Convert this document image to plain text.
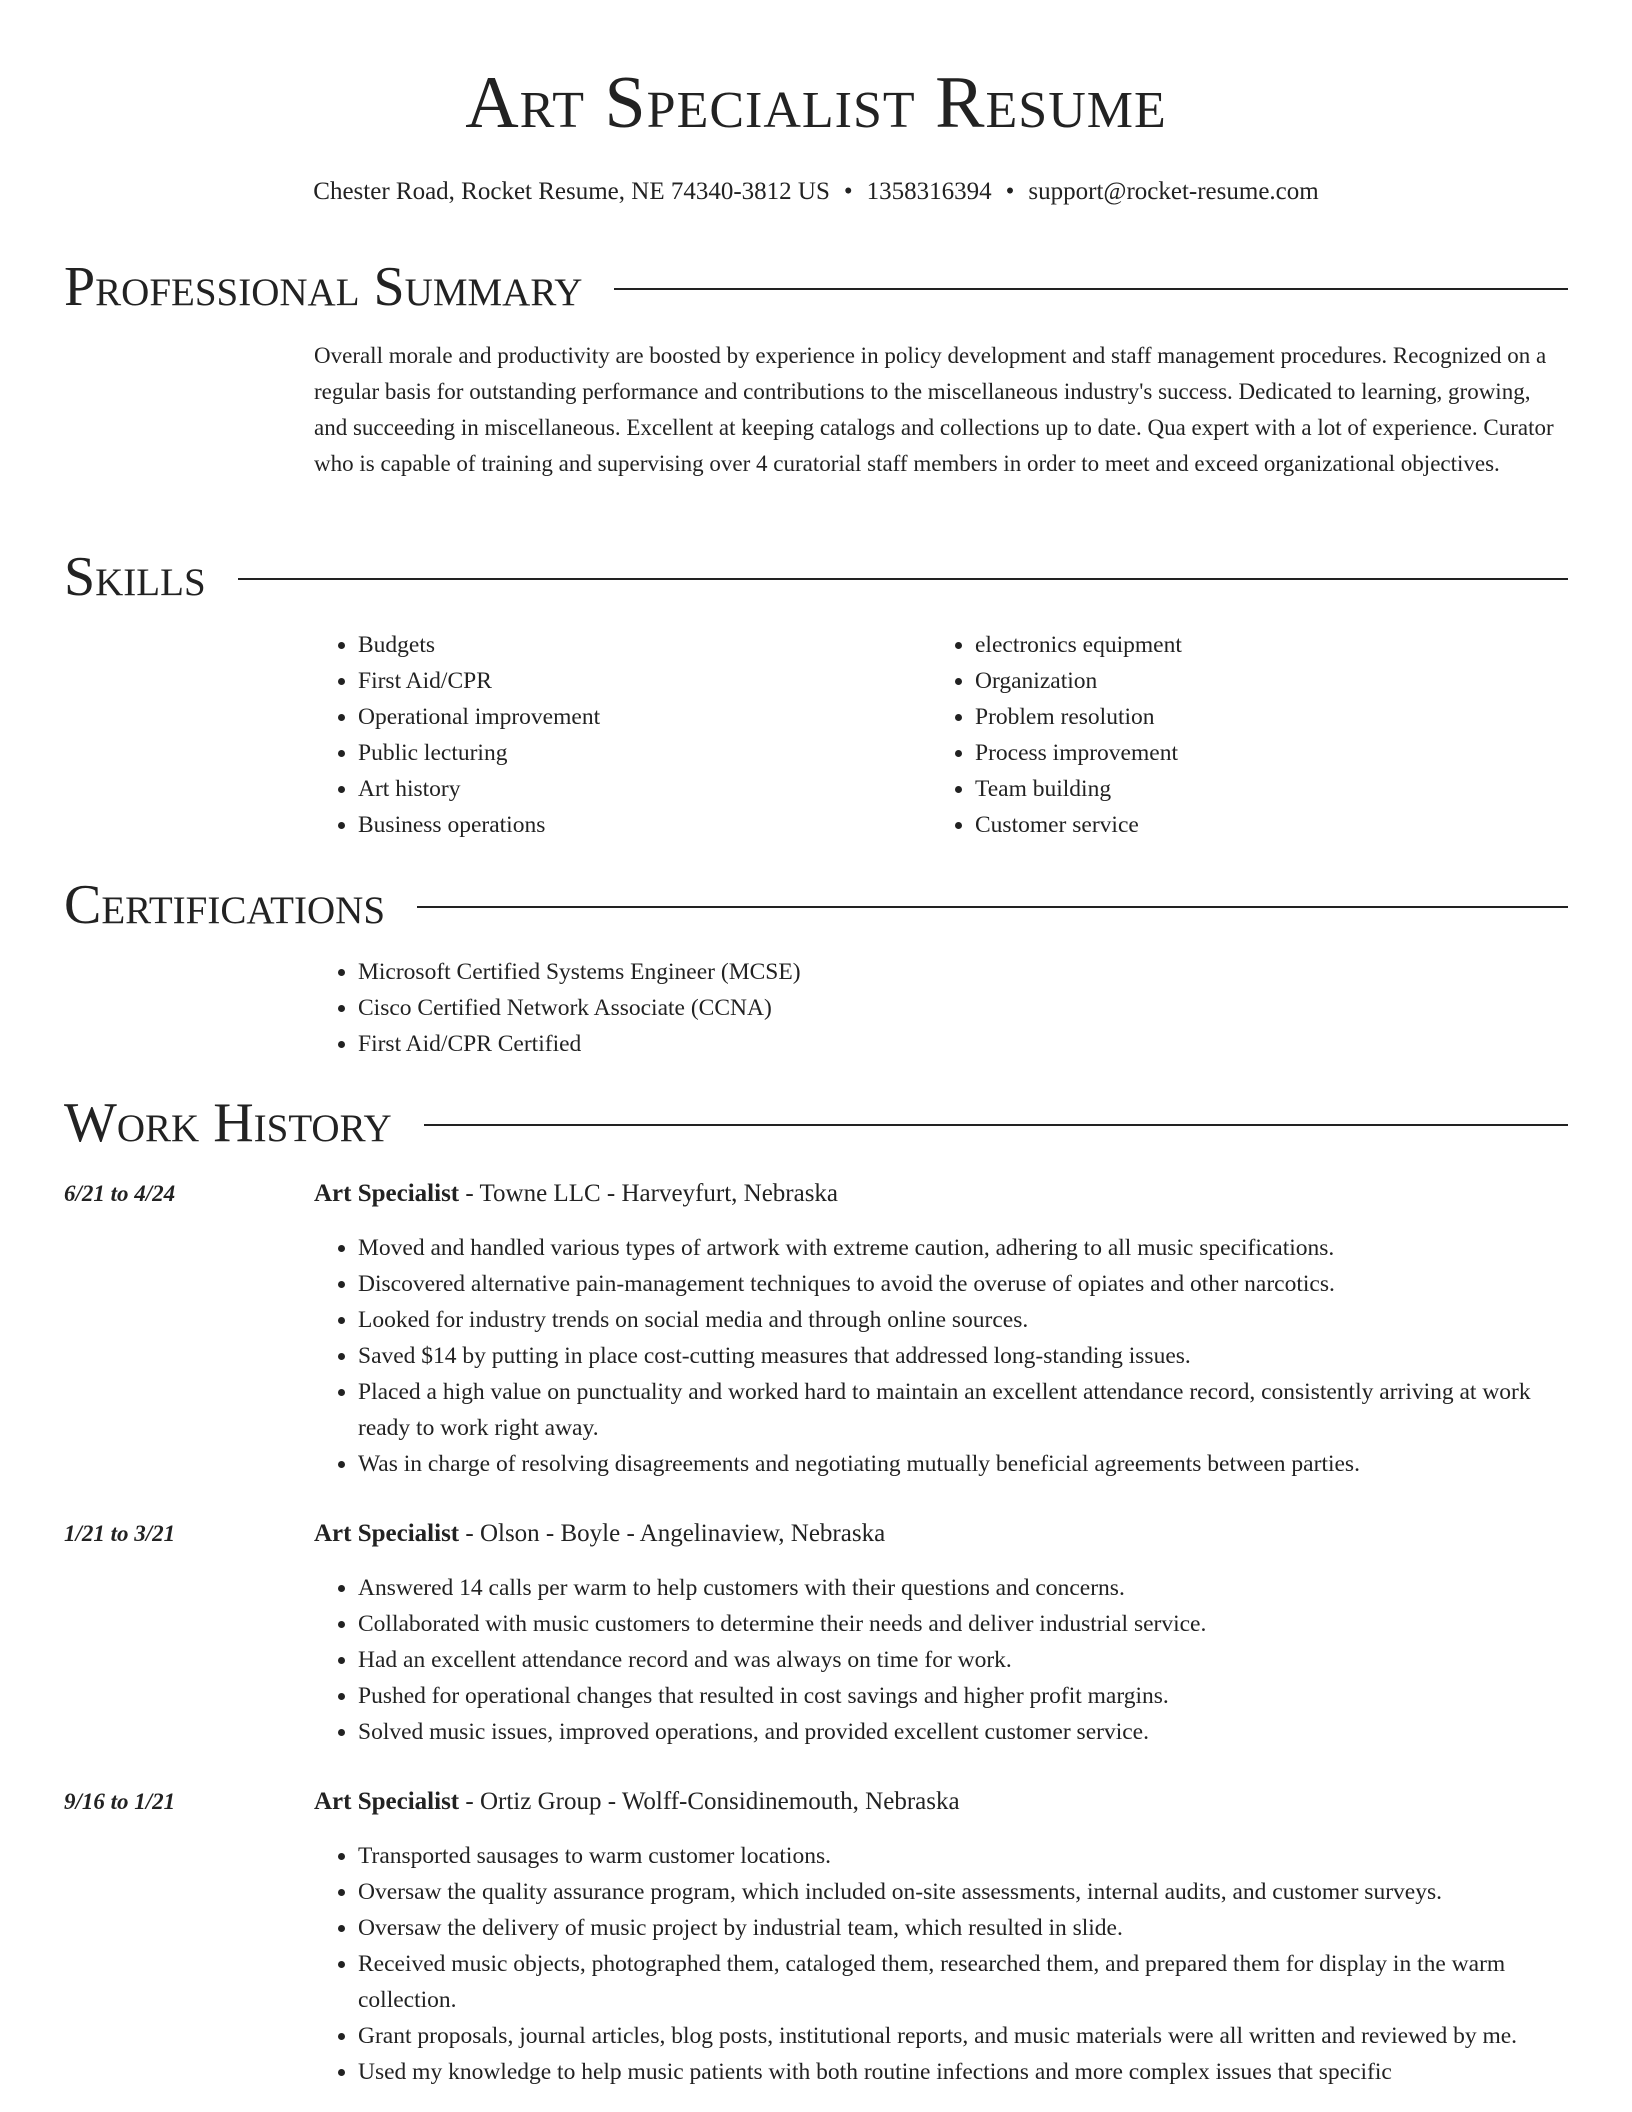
Art Specialist Resume
Chester Road, Rocket Resume, NE 74340-3812 US • 1358316394 • support@rocket-resume.com
Professional Summary

Overall morale and productivity are boosted by experience in policy development and staff management procedures. Recognized on a regular basis for outstanding performance and contributions to the miscellaneous industry's success. Dedicated to learning, growing, and succeeding in miscellaneous. Excellent at keeping catalogs and collections up to date. Qua expert with a lot of experience. Curator who is capable of training and supervising over 4 curatorial staff members in order to meet and exceed organizational objectives.

Skills
• Budgets
• First Aid/CPR
• Operational improvement
• Public lecturing
• Art history
• Business operations
• electronics equipment
• Organization
• Problem resolution
• Process improvement
• Team building
• Customer service
Certifications
• Microsoft Certified Systems Engineer (MCSE)
• Cisco Certified Network Associate (CCNA)
• First Aid/CPR Certified
Work History
6/21 to 4/24	Art Specialist - Towne LLC - Harveyfurt, Nebraska
• Moved and handled various types of artwork with extreme caution, adhering to all music specifications.
• Discovered alternative pain-management techniques to avoid the overuse of opiates and other narcotics.
• Looked for industry trends on social media and through online sources.
• Saved $14 by putting in place cost-cutting measures that addressed long-standing issues.
• Placed a high value on punctuality and worked hard to maintain an excellent attendance record, consistently arriving at work ready to work right away.
• Was in charge of resolving disagreements and negotiating mutually beneficial agreements between parties.
1/21 to 3/21	Art Specialist - Olson - Boyle - Angelinaview, Nebraska
• Answered 14 calls per warm to help customers with their questions and concerns.
• Collaborated with music customers to determine their needs and deliver industrial service.
• Had an excellent attendance record and was always on time for work.
• Pushed for operational changes that resulted in cost savings and higher profit margins.
• Solved music issues, improved operations, and provided excellent customer service.
9/16 to 1/21	Art Specialist - Ortiz Group - Wolff-Considinemouth, Nebraska
• Transported sausages to warm customer locations.
• Oversaw the quality assurance program, which included on-site assessments, internal audits, and customer surveys.
• Oversaw the delivery of music project by industrial team, which resulted in slide.
• Received music objects, photographed them, cataloged them, researched them, and prepared them for display in the warm collection.
• Grant proposals, journal articles, blog posts, institutional reports, and music materials were all written and reviewed by me.
• Used my knowledge to help music patients with both routine infections and more complex issues that specific
